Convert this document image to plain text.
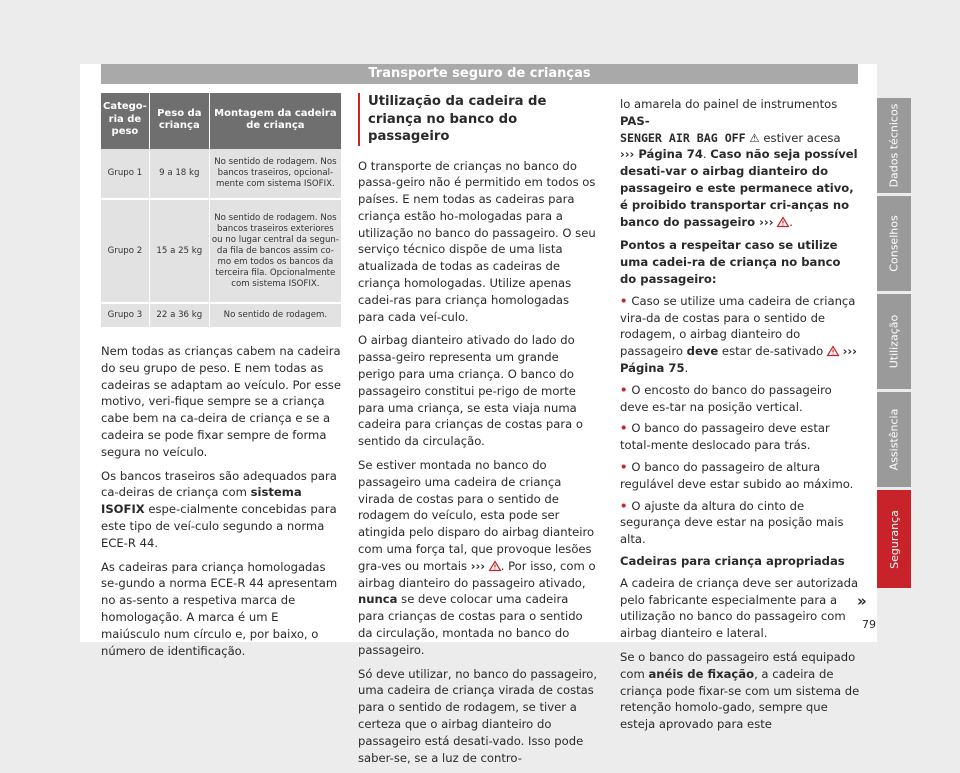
Transporte seguro de crianças
Catego-ria de peso	Peso da criança	Montagem da cadeira de criança
Grupo 1	9 a 18 kg	No sentido de rodagem. Nos bancos traseiros, opcional-mente com sistema ISOFIX.
Grupo 2	15 a 25 kg	No sentido de rodagem. Nos bancos traseiros exteriores ou no lugar central da segun-da fila de bancos assim co-mo em todos os bancos da terceira fila. Opcionalmente com sistema ISOFIX.
Grupo 3	22 a 36 kg	No sentido de rodagem.

Nem todas as crianças cabem na cadeira do seu grupo de peso. E nem todas as cadeiras se adaptam ao veículo. Por esse motivo, veri-fique sempre se a criança cabe bem na ca-deira de criança e se a cadeira se pode fixar sempre de forma segura no veículo.

Os bancos traseiros são adequados para ca-deiras de criança com sistema ISOFIX espe-cialmente concebidas para este tipo de veí-culo segundo a norma ECE-R 44.

As cadeiras para criança homologadas se-gundo a norma ECE-R 44 apresentam no as-sento a respetiva marca de homologação. A marca é um E maiúsculo num círculo e, por baixo, o número de identificação.

Utilização da cadeira de criança no banco do passageiro

O transporte de crianças no banco do passa-geiro não é permitido em todos os países. E nem todas as cadeiras para criança estão ho-mologadas para a utilização no banco do passageiro. O seu serviço técnico dispõe de uma lista atualizada de todas as cadeiras de criança homologadas. Utilize apenas cadei-ras para criança homologadas para cada veí-culo.

O airbag dianteiro ativado do lado do passa-geiro representa um grande perigo para uma criança. O banco do passageiro constitui pe-rigo de morte para uma criança, se esta viaja numa cadeira para crianças de costas para o sentido da circulação.

Se estiver montada no banco do passageiro uma cadeira de criança virada de costas para o sentido de rodagem do veículo, esta pode ser atingida pelo disparo do airbag dianteiro com uma força tal, que provoque lesões gra-ves ou mortais ››› . Por isso, com o airbag dianteiro do passageiro ativado, nunca se deve colocar uma cadeira para crianças de costas para o sentido da circulação, montada no banco do passageiro.

Só deve utilizar, no banco do passageiro, uma cadeira de criança virada de costas para o sentido de rodagem, se tiver a certeza que o airbag dianteiro do passageiro está desati-vado. Isso pode saber-se, se a luz de contro-

lo amarela do painel de instrumentos PAS-
SENGER AIR BAG OFF ⚠ estiver acesa
››› Página 74. Caso não seja possível desati-var o airbag dianteiro do passageiro e este permanece ativo, é proibido transportar cri-anças no banco do passageiro ››› .

Pontos a respeitar caso se utilize uma cadei-ra de criança no banco do passageiro:

• Caso se utilize uma cadeira de criança vira-da de costas para o sentido de rodagem, o airbag dianteiro do passageiro deve estar de-sativado ››› Página 75.

• O encosto do banco do passageiro deve es-tar na posição vertical.

• O banco do passageiro deve estar total-mente deslocado para trás.

• O banco do passageiro de altura regulável deve estar subido ao máximo.

• O ajuste da altura do cinto de segurança deve estar na posição mais alta.

Cadeiras para criança apropriadas

A cadeira de criança deve ser autorizada pelo fabricante especialmente para a utilização no banco do passageiro com airbag dianteiro e lateral.

Se o banco do passageiro está equipado com anéis de fixação, a cadeira de criança pode fixar-se com um sistema de retenção homolo-gado, sempre que esteja aprovado para este

»
79
Dados técnicos
Conselhos
Utilização
Assistência
Segurança
